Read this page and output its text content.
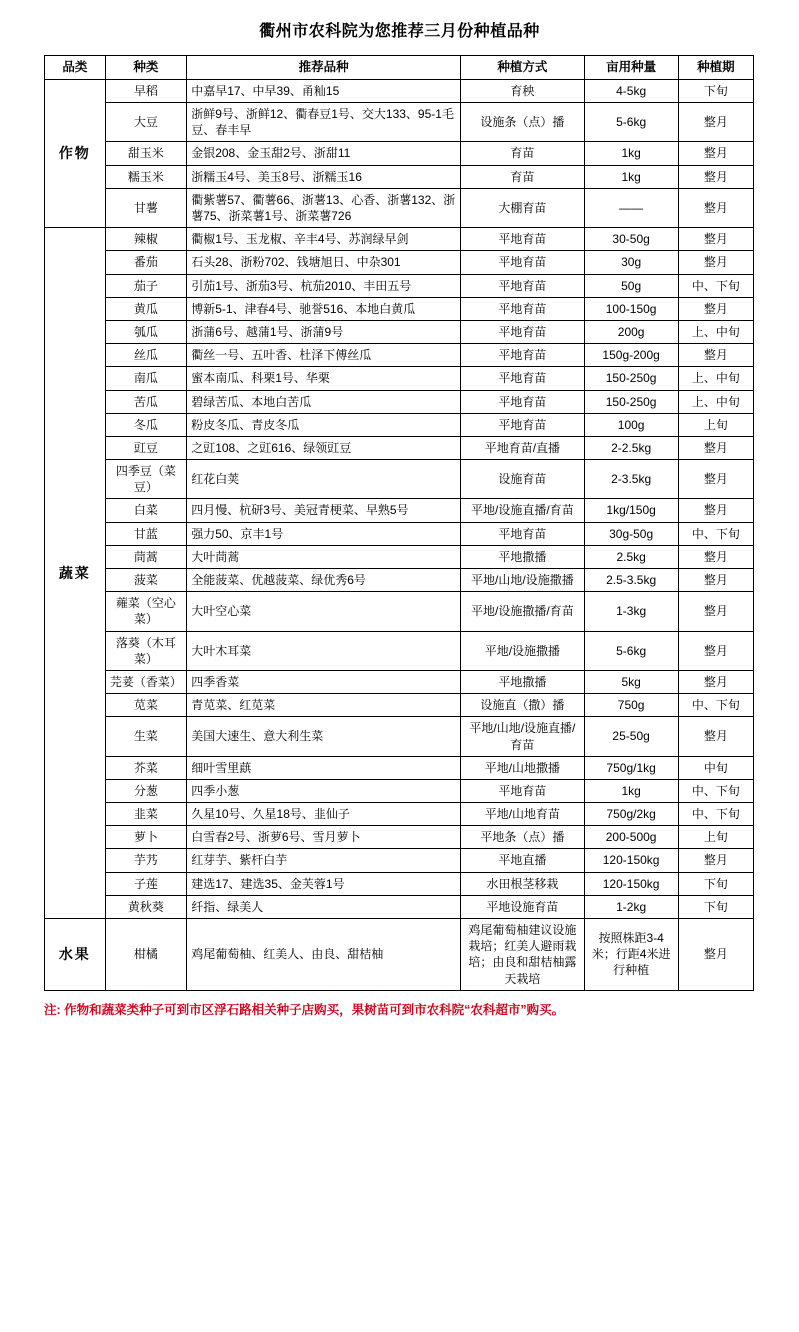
衢州市农科院为您推荐三月份种植品种
品类	种类	推荐品种	种植方式	亩用种量	种植期
作物	早稻	中嘉早17、中早39、甬籼15	育秧	4-5kg	下旬
	大豆	浙鲜9号、浙鲜12、衢春豆1号、交大133、95-1毛豆、春丰早	设施条（点）播	5-6kg	整月
	甜玉米	金银208、金玉甜2号、浙甜11	育苗	1kg	整月
	糯玉米	浙糯玉4号、美玉8号、浙糯玉16	育苗	1kg	整月
	甘薯	衢紫薯57、衢薯66、浙薯13、心香、浙薯132、浙薯75、浙菜薯1号、浙菜薯726	大棚育苗	——	整月
蔬菜	辣椒	衢椒1号、玉龙椒、辛丰4号、苏润绿早剑	平地育苗	30-50g	整月
	番茄	石头28、浙粉702、钱塘旭日、中杂301	平地育苗	30g	整月
	茄子	引茄1号、浙茄3号、杭茄2010、丰田五号	平地育苗	50g	中、下旬
	黄瓜	博新5-1、津春4号、驰誉516、本地白黄瓜	平地育苗	100-150g	整月
	瓠瓜	浙蒲6号、越蒲1号、浙蒲9号	平地育苗	200g	上、中旬
	丝瓜	衢丝一号、五叶香、杜泽下傅丝瓜	平地育苗	150g-200g	整月
	南瓜	蜜本南瓜、科栗1号、华栗	平地育苗	150-250g	上、中旬
	苦瓜	碧绿苦瓜、本地白苦瓜	平地育苗	150-250g	上、中旬
	冬瓜	粉皮冬瓜、青皮冬瓜	平地育苗	100g	上旬
	豇豆	之豇108、之豇616、绿领豇豆	平地育苗/直播	2-2.5kg	整月
	四季豆（菜豆）	红花白荚	设施育苗	2-3.5kg	整月
	白菜	四月慢、杭研3号、美冠青梗菜、早熟5号	平地/设施直播/育苗	1kg/150g	整月
	甘蓝	强力50、京丰1号	平地育苗	30g-50g	中、下旬
	茼蒿	大叶茼蒿	平地撒播	2.5kg	整月
	菠菜	全能菠菜、优越菠菜、绿优秀6号	平地/山地/设施撒播	2.5-3.5kg	整月
	蕹菜（空心菜）	大叶空心菜	平地/设施撒播/育苗	1-3kg	整月
	落葵（木耳菜）	大叶木耳菜	平地/设施撒播	5-6kg	整月
	芫荽（香菜）	四季香菜	平地撒播	5kg	整月
	苋菜	青苋菜、红苋菜	设施直（撒）播	750g	中、下旬
	生菜	美国大速生、意大利生菜	平地/山地/设施直播/育苗	25-50g	整月
	芥菜	细叶雪里蕻	平地/山地撒播	750g/1kg	中旬
	分葱	四季小葱	平地育苗	1kg	中、下旬
	韭菜	久星10号、久星18号、韭仙子	平地/山地育苗	750g/2kg	中、下旬
	萝卜	白雪春2号、浙萝6号、雪月萝卜	平地条（点）播	200-500g	上旬
	芋艿	红芽芋、紫杆白芋	平地直播	120-150kg	整月
	子莲	建选17、建选35、金芙蓉1号	水田根茎移栽	120-150kg	下旬
	黄秋葵	纤指、绿美人	平地设施育苗	1-2kg	下旬
水果	柑橘	鸡尾葡萄柚、红美人、由良、甜桔柚	鸡尾葡萄柚建议设施栽培；红美人避雨栽培；由良和甜桔柚露天栽培	按照株距3-4米；行距4米进行种植	整月
注: 作物和蔬菜类种子可到市区浮石路相关种子店购买，果树苗可到市农科院“农科超市”购买。
